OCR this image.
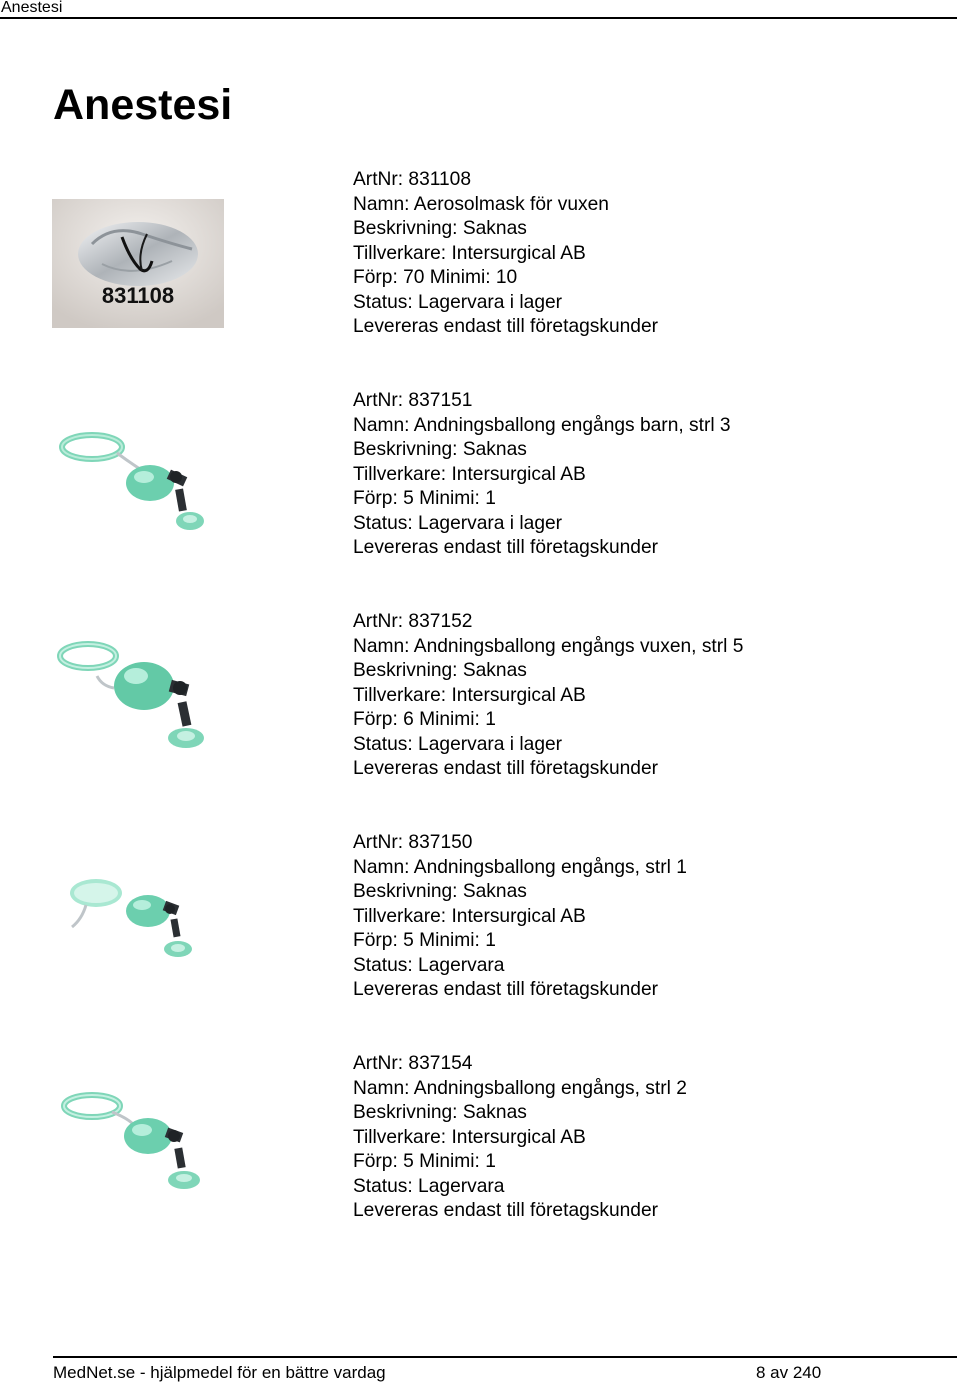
Anestesi
Anestesi
831108
ArtNr: 831108
Namn: Aerosolmask för vuxen
Beskrivning: Saknas
Tillverkare: Intersurgical AB
Förp: 70 Minimi: 10
Status: Lagervara i lager
Levereras endast till företagskunder
ArtNr: 837151
Namn: Andningsballong engångs barn, strl 3
Beskrivning: Saknas
Tillverkare: Intersurgical AB
Förp: 5 Minimi: 1
Status: Lagervara i lager
Levereras endast till företagskunder
ArtNr: 837152
Namn: Andningsballong engångs vuxen, strl 5
Beskrivning: Saknas
Tillverkare: Intersurgical AB
Förp: 6 Minimi: 1
Status: Lagervara i lager
Levereras endast till företagskunder
ArtNr: 837150
Namn: Andningsballong engångs, strl 1
Beskrivning: Saknas
Tillverkare: Intersurgical AB
Förp: 5 Minimi: 1
Status: Lagervara
Levereras endast till företagskunder
ArtNr: 837154
Namn: Andningsballong engångs, strl 2
Beskrivning: Saknas
Tillverkare: Intersurgical AB
Förp: 5 Minimi: 1
Status: Lagervara
Levereras endast till företagskunder
MedNet.se - hjälpmedel för en bättre vardag	8 av 240
